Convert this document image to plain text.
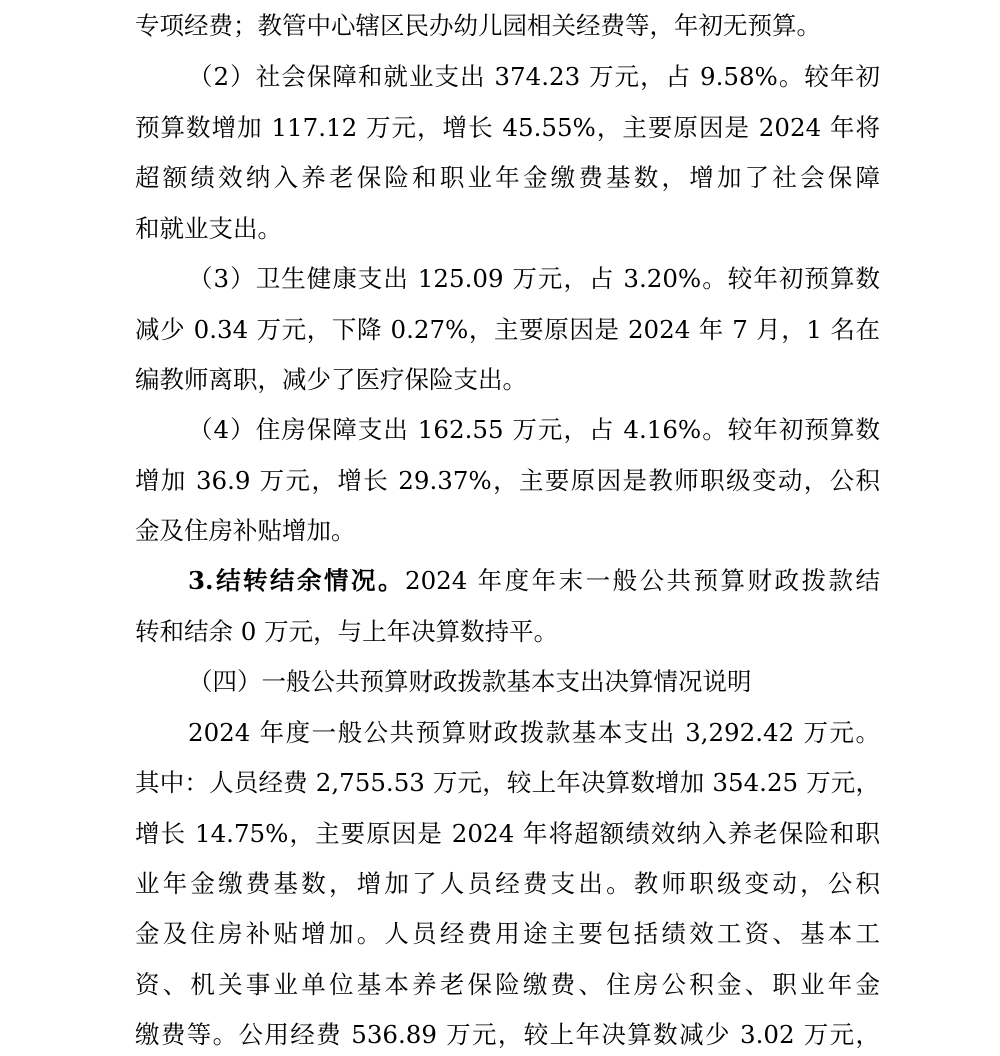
专项经费；教管中心辖区民办幼儿园相关经费等，年初无预算。
（2）社会保障和就业支出 374.23 万元，占 9.58%。较年初
预算数增加 117.12 万元，增长 45.55%，主要原因是 2024 年将
超额绩效纳入养老保险和职业年金缴费基数，增加了社会保障
和就业支出。
（3）卫生健康支出 125.09 万元，占 3.20%。较年初预算数
减少 0.34 万元，下降 0.27%，主要原因是 2024 年 7 月，1 名在
编教师离职，减少了医疗保险支出。
（4）住房保障支出 162.55 万元，占 4.16%。较年初预算数
增加 36.9 万元，增长 29.37%，主要原因是教师职级变动，公积
金及住房补贴增加。
3.结转结余情况。2024 年度年末一般公共预算财政拨款结
转和结余 0 万元，与上年决算数持平。
（四）一般公共预算财政拨款基本支出决算情况说明
2024 年度一般公共预算财政拨款基本支出 3,292.42 万元。
其中：人员经费 2,755.53 万元，较上年决算数增加 354.25 万元，
增长 14.75%，主要原因是 2024 年将超额绩效纳入养老保险和职
业年金缴费基数，增加了人员经费支出。教师职级变动，公积
金及住房补贴增加。人员经费用途主要包括绩效工资、基本工
资、机关事业单位基本养老保险缴费、住房公积金、职业年金
缴费等。公用经费 536.89 万元，较上年决算数减少 3.02 万元，
